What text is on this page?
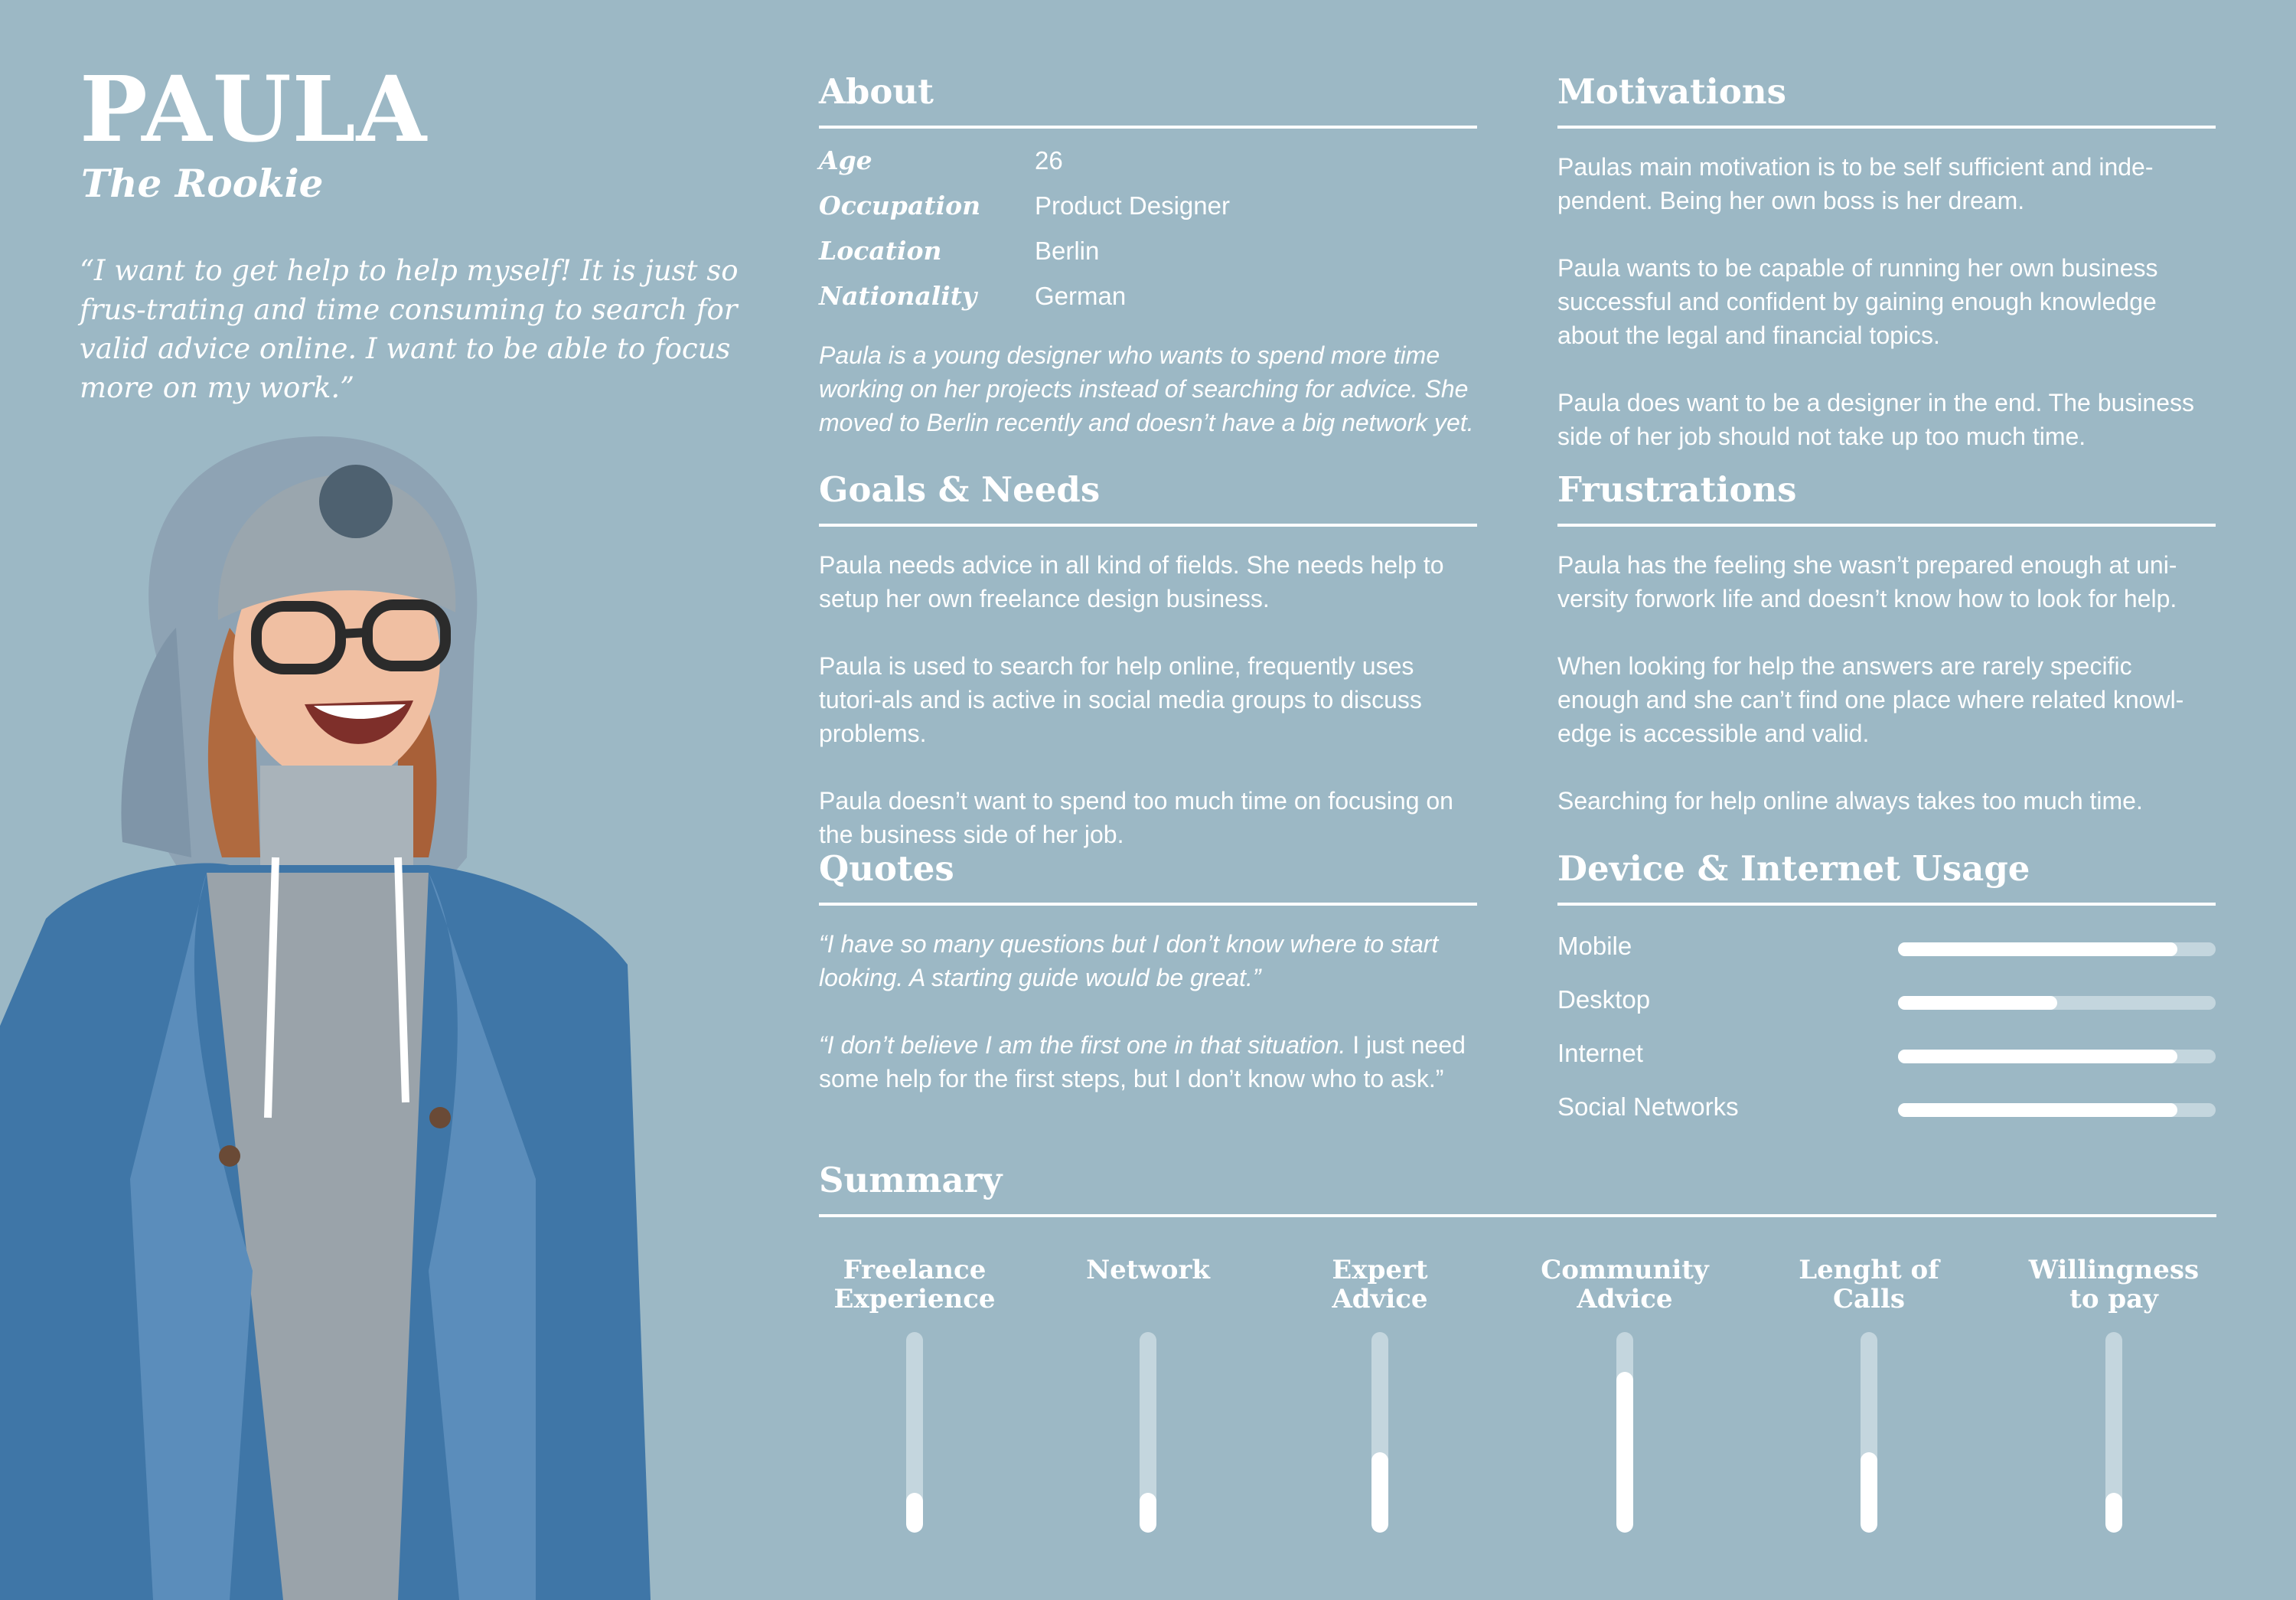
PAULA
The Rookie

“I want to get help to help myself! It is just so frus-trating and time consuming to search for valid advice online. I want to be able to focus more on my work.”

About
Age	26
Occupation	Product Designer
Location	Berlin
Nationality	German

Paula is a young designer who wants to spend more time working on her projects instead of searching for advice. She moved to Berlin recently and doesn’t have a big network yet.

Goals & Needs

Paula needs advice in all kind of fields. She needs help to setup her own freelance design business.

Paula is used to search for help online, frequently uses tutori-als and is active in social media groups to discuss problems.

Paula doesn’t want to spend too much time on focusing on the business side of her job.

Quotes

“I have so many questions but I don’t know where to start looking. A starting guide would be great.”

“I don’t believe I am the first one in that situation. I just need some help for the first steps, but I don’t know who to ask.”

Motivations

Paulas main motivation is to be self sufficient and inde-pendent. Being her own boss is her dream.

Paula wants to be capable of running her own business successful and confident by gaining enough knowledge about the legal and financial topics.

Paula does want to be a designer in the end. The business side of her job should not take up too much time.

Frustrations

Paula has the feeling she wasn’t prepared enough at uni-versity forwork life and doesn’t know how to look for help.

When looking for help the answers are rarely specific enough and she can’t find one place where related knowl-edge is accessible and valid.

Searching for help online always takes too much time.

Device & Internet Usage
Mobile
Desktop
Internet
Social Networks
Summary
Freelance Experience
Network	Expert Advice
Community Advice
Lenght of Calls
Willingness to pay
